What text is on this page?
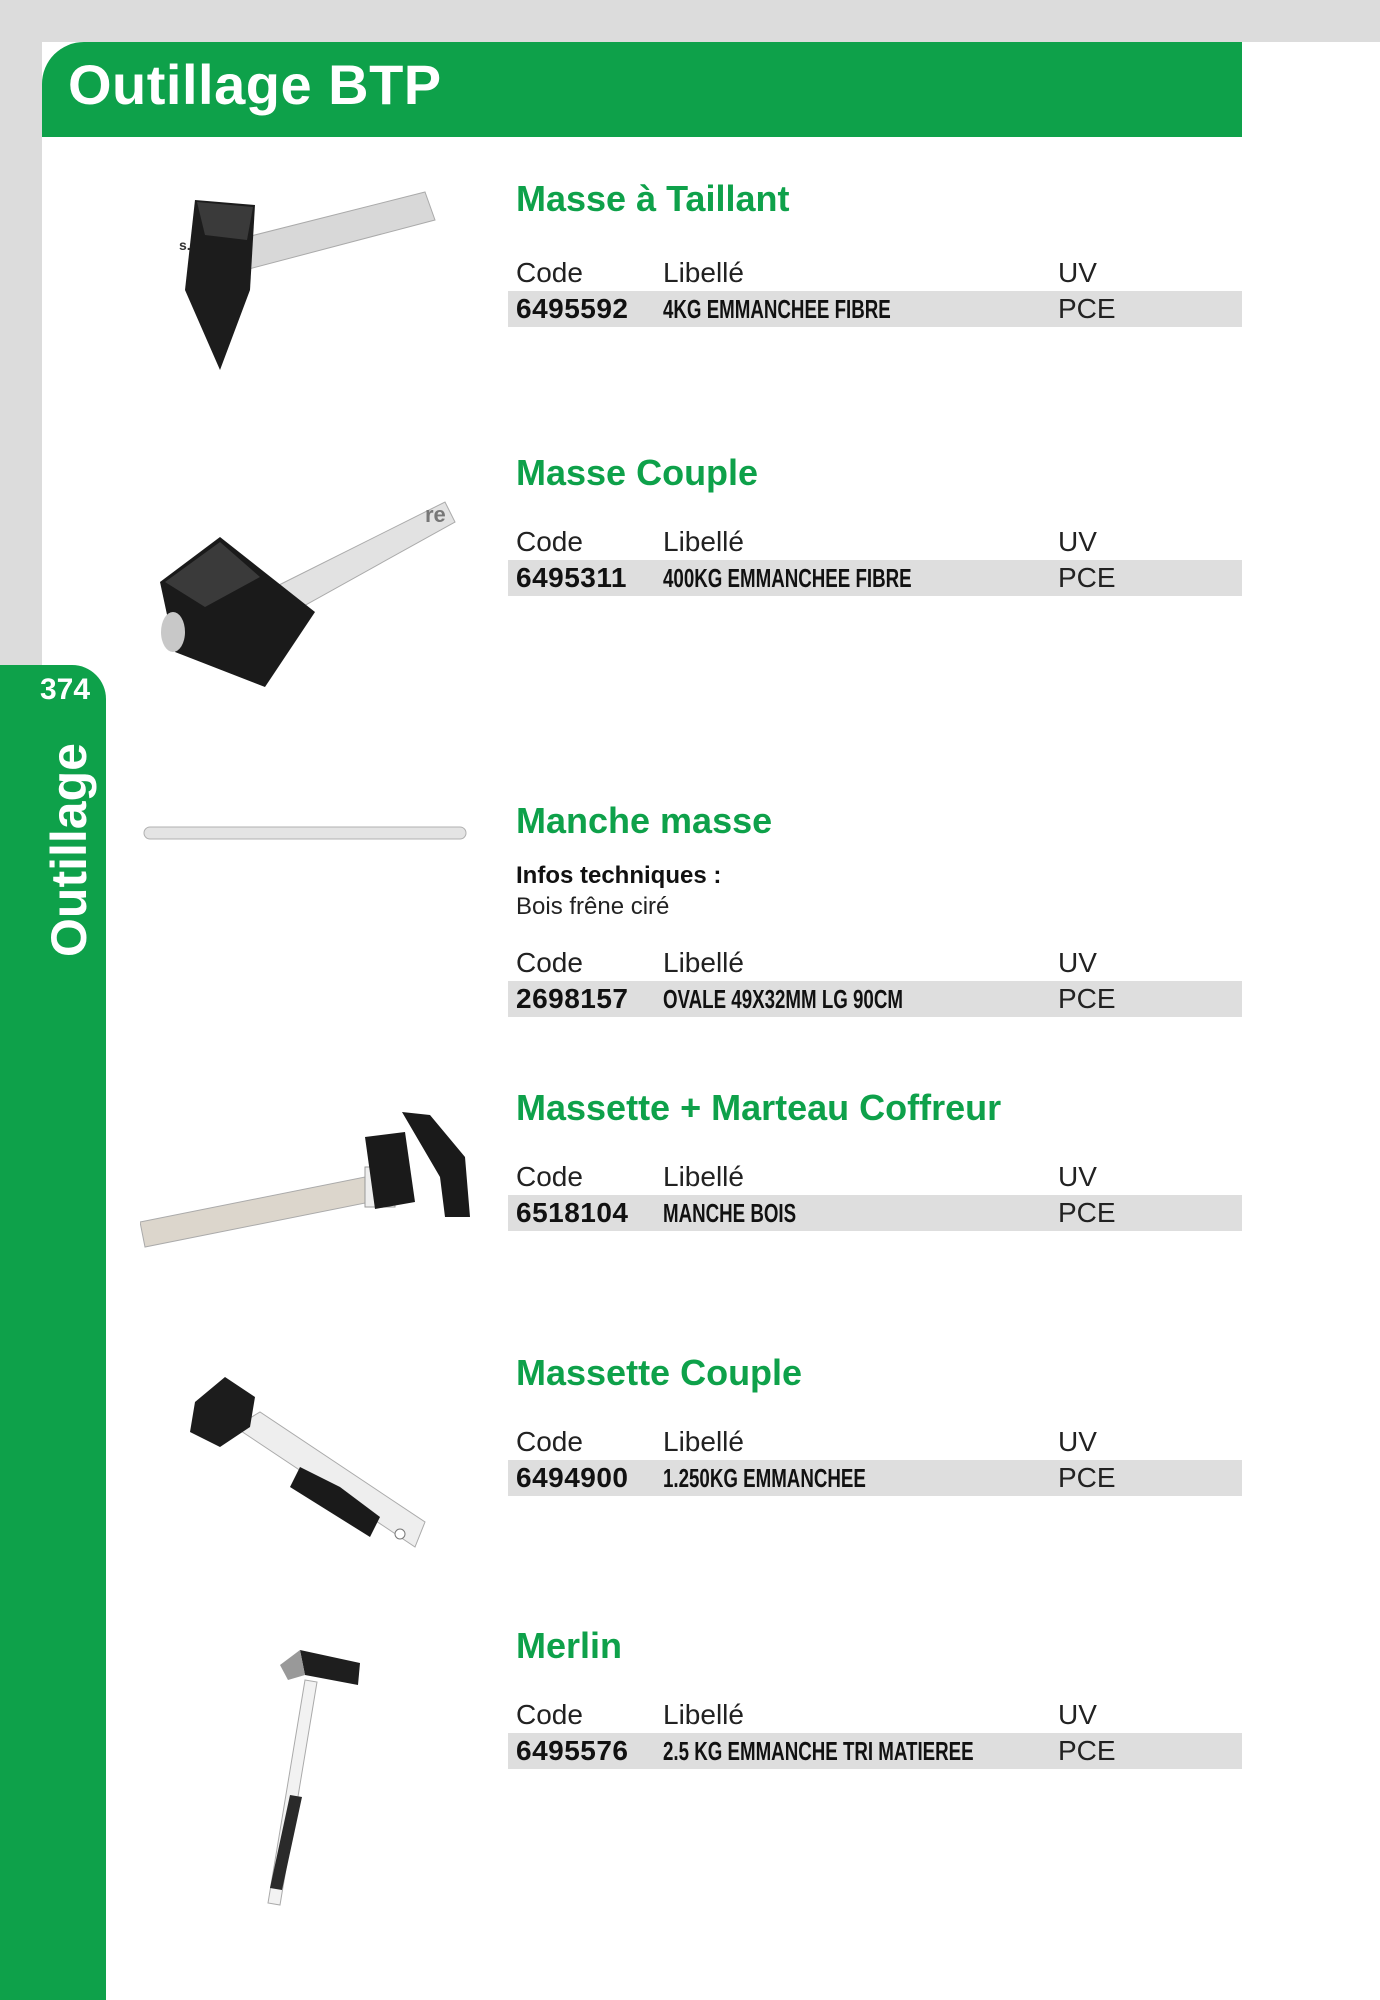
Outillage BTP
374
Outillage
s.
Masse à Taillant
Code	Libellé	UV
6495592 4KG EMMANCHEE FIBRE	PCE
re
Masse Couple
Code	Libellé	UV
6495311 400KG EMMANCHEE FIBRE	PCE
Manche masse
Infos techniques :
Bois frêne ciré
Code	Libellé	UV
2698157 OVALE 49X32MM LG 90CM	PCE
Massette + Marteau Coffreur
Code	Libellé	UV
6518104 MANCHE BOIS	PCE
Massette Couple
Code	Libellé	UV
6494900 1.250KG EMMANCHEE	PCE
Merlin
Code	Libellé	UV
6495576 2.5 KG EMMANCHE TRI MATIEREE	PCE
